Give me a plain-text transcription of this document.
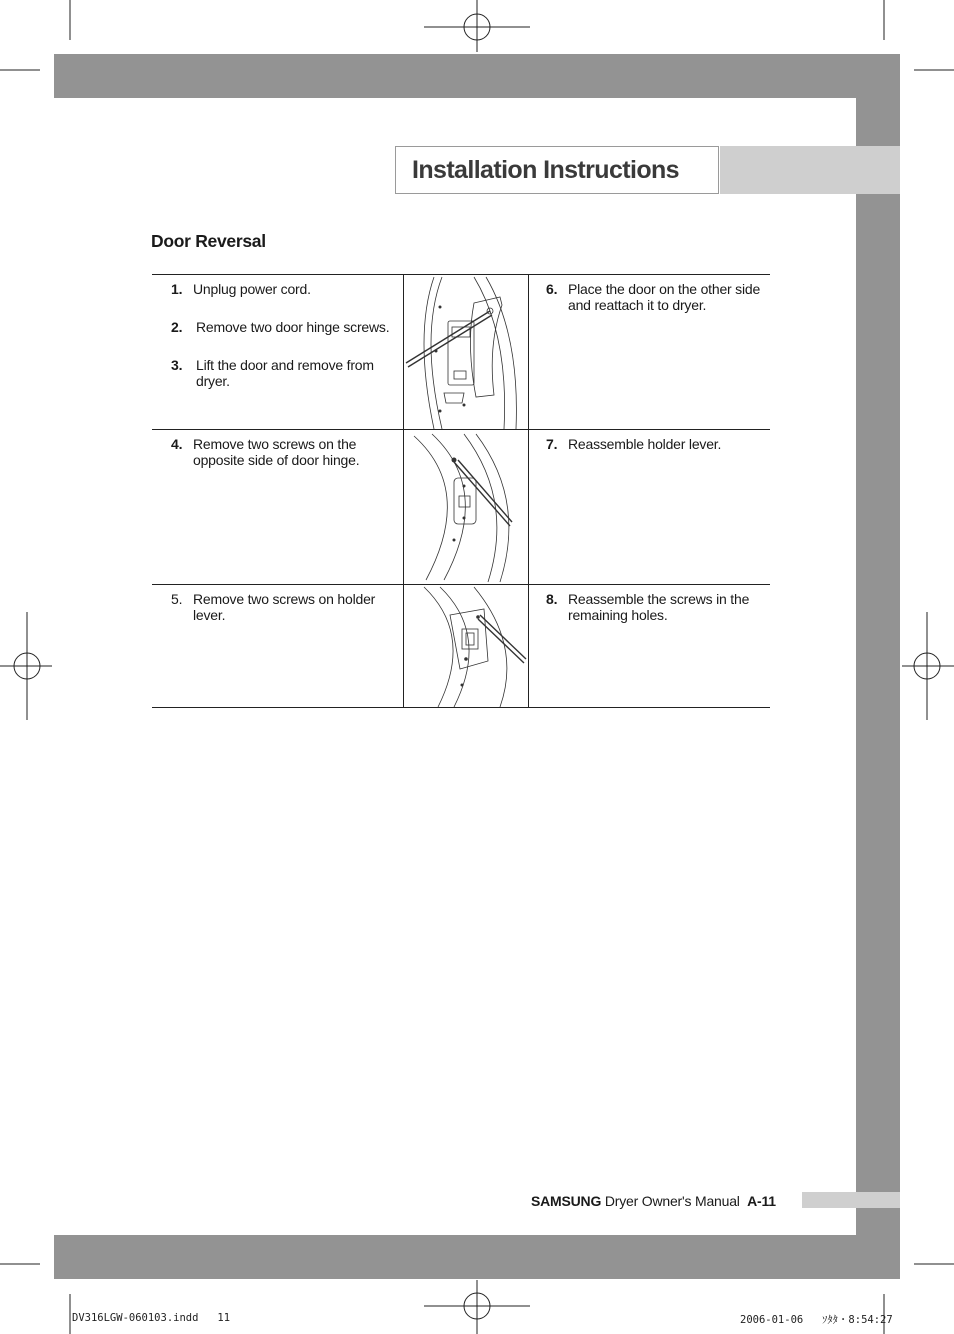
Installation Instructions
Door Reversal
1. Unplug power cord.
2. Remove two door hinge screws.
3. Lift the door and remove from dryer.
4. Remove two screws on the opposite side of door hinge.
5. Remove two screws on holder lever.
6. Place the door on the other side and reattach it to dryer.
7. Reassemble holder lever.
8. Reassemble the screws in the remaining holes.
SAMSUNG Dryer Owner's Manual A-11
DV316LGW-060103.indd   11	2006-01-06   ｿﾀﾀ・8:54:27
